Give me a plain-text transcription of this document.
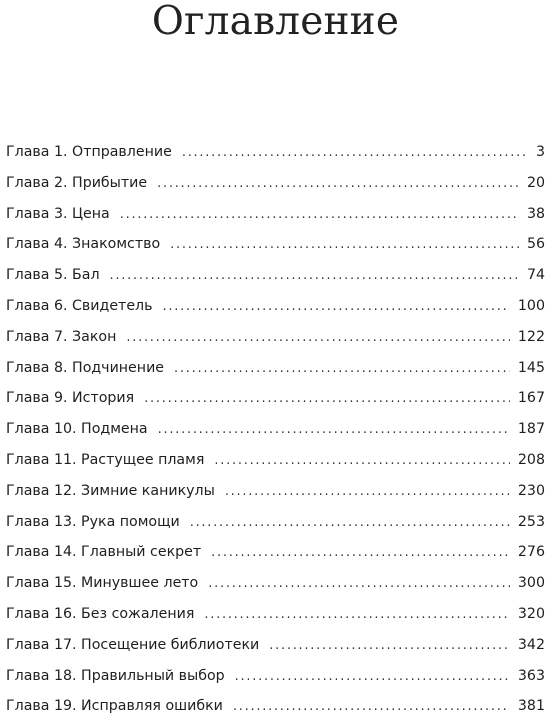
Оглавление
Глава 1. Отправление . . .	3
Глава 2. Прибытие . . .	20
Глава 3. Цена . . .	38
Глава 4. Знакомство . . .	56
Глава 5. Бал . . .	74
Глава 6. Свидетель . . .	100
Глава 7. Закон . . .	122
Глава 8. Подчинение . . .	145
Глава 9. История . . .	167
Глава 10. Подмена . . .	187
Глава 11. Растущее пламя . . .	208
Глава 12. Зимние каникулы . . .	230
Глава 13. Рука помощи . . .	253
Глава 14. Главный секрет . . .	276
Глава 15. Минувшее лето . . .	300
Глава 16. Без сожаления . . .	320
Глава 17. Посещение библиотеки . . .	342
Глава 18. Правильный выбор . . .	363
Глава 19. Исправляя ошибки . . .	381
